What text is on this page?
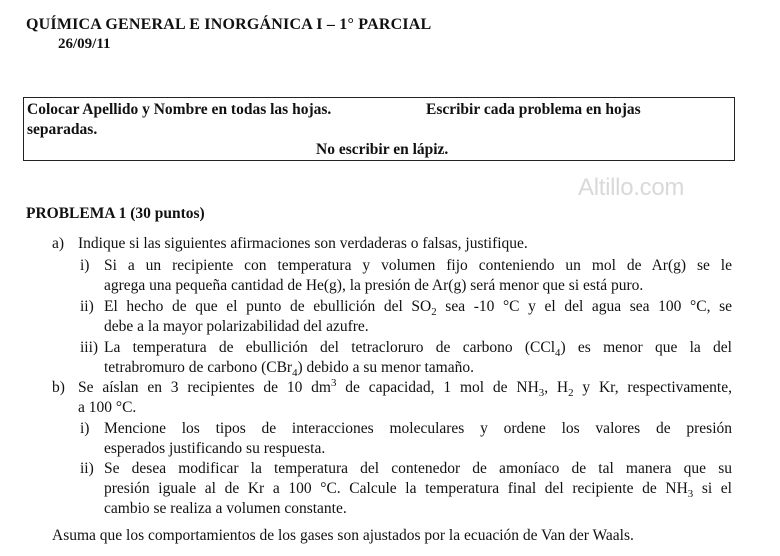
QUÍMICA GENERAL E INORGÁNICA I – 1° PARCIAL
26/09/11
Colocar Apellido y Nombre en todas las hojas.	Escribir cada problema en hojas
separadas.
No escribir en lápiz.
Altillo.com
PROBLEMA 1 (30 puntos)
a) Indique si las siguientes afirmaciones son verdaderas o falsas, justifique.
i) Si a un recipiente con temperatura y volumen fijo conteniendo un mol de Ar(g) se le
agrega una pequeña cantidad de He(g), la presión de Ar(g) será menor que si está puro.
ii) El hecho de que el punto de ebullición del $SO_2$ sea -10 °C y el del agua sea 100 °C, se
debe a la mayor polarizabilidad del azufre.
iii) La temperatura de ebullición del tetracloruro de carbono (CCl$_4$) es menor que la del
tetrabromuro de carbono (CBr$_4$) debido a su menor tamaño.
b) Se aíslan en 3 recipientes de 10 $dm^3$ de capacidad, 1 mol de $NH_3$, $H_2$ y Kr, respectivamente,
a 100 °C.
i) Mencione los tipos de interacciones moleculares y ordene los valores de presión
esperados justificando su respuesta.
ii) Se desea modificar la temperatura del contenedor de amoníaco de tal manera que su
presión iguale al de Kr a 100 °C. Calcule la temperatura final del recipiente de $NH_3$ si el
cambio se realiza a volumen constante.
Asuma que los comportamientos de los gases son ajustados por la ecuación de Van der Waals.
